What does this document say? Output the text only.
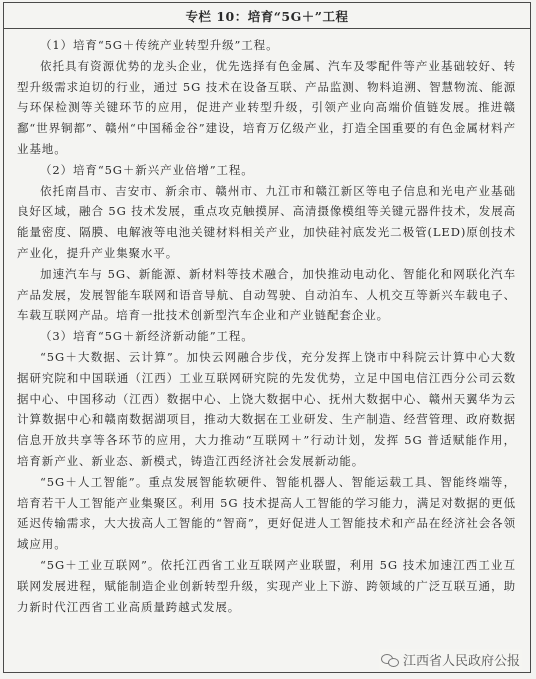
专栏 10：培育“5G＋”工程

（1）培育“5G＋传统产业转型升级”工程。

依托具有资源优势的龙头企业，优先选择有色金属、汽车及零配件等产业基础较好、转型升级需求迫切的行业，通过 5G 技术在设备互联、产品监测、物料追溯、智慧物流、能源与环保检测等关键环节的应用，促进产业转型升级，引领产业向高端价值链发展。推进赣鄱“世界铜都”、赣州“中国稀金谷”建设，培育万亿级产业，打造全国重要的有色金属材料产业基地。

（2）培育“5G＋新兴产业倍增”工程。

依托南昌市、吉安市、新余市、赣州市、九江市和赣江新区等电子信息和光电产业基础良好区域，融合 5G 技术发展，重点攻克触摸屏、高清摄像模组等关键元器件技术，发展高能量密度、隔膜、电解液等电池关键材料相关产业，加快硅衬底发光二极管(LED)原创技术产业化，提升产业集聚水平。

加速汽车与 5G、新能源、新材料等技术融合，加快推动电动化、智能化和网联化汽车产品发展，发展智能车联网和语音导航、自动驾驶、自动泊车、人机交互等新兴车载电子、车载互联网产品。培育一批技术创新型汽车企业和产业链配套企业。

（3）培育“5G＋新经济新动能”工程。

“5G＋大数据、云计算”。加快云网融合步伐，充分发挥上饶市中科院云计算中心大数据研究院和中国联通（江西）工业互联网研究院的先发优势，立足中国电信江西分公司云数据中心、中国移动（江西）数据中心、上饶大数据中心、抚州大数据中心、赣州天翼华为云计算数据中心和赣南数据湖项目，推动大数据在工业研发、生产制造、经营管理、政府数据信息开放共享等各环节的应用，大力推动“互联网＋”行动计划，发挥 5G 普适赋能作用，培育新产业、新业态、新模式，铸造江西经济社会发展新动能。

“5G＋人工智能”。重点发展智能软硬件、智能机器人、智能运载工具、智能终端等，培育若干人工智能产业集聚区。利用 5G 技术提高人工智能的学习能力，满足对数据的更低延迟传输需求，大大拔高人工智能的“智商”，更好促进人工智能技术和产品在经济社会各领域应用。

“5G＋工业互联网”。依托江西省工业互联网产业联盟，利用 5G 技术加速江西工业互联网发展进程，赋能制造企业创新转型升级，实现产业上下游、跨领域的广泛互联互通，助力新时代江西省工业高质量跨越式发展。

江西省人民政府公报
